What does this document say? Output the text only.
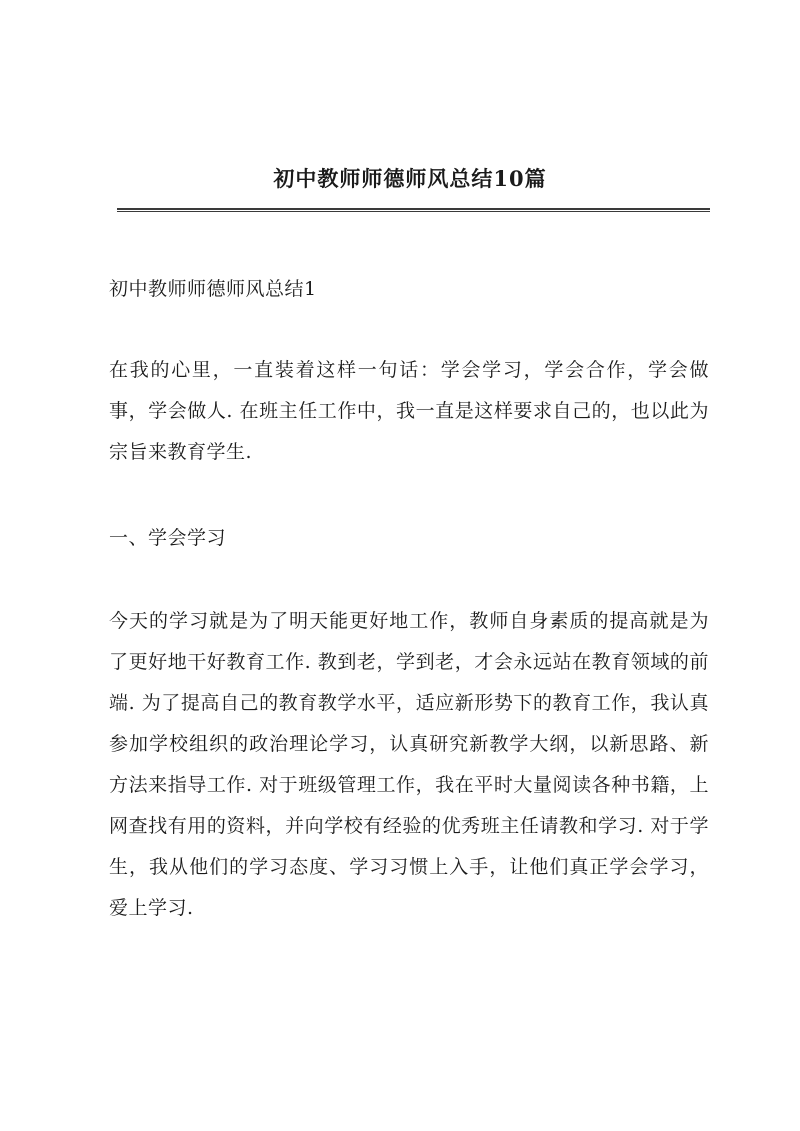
初中教师师德师风总结10篇
初中教师师德师风总结1
在我的心里，一直装着这样一句话：学会学习，学会合作，学会做事，学会做人. 在班主任工作中，我一直是这样要求自己的，也以此为宗旨来教育学生.
一、学会学习
今天的学习就是为了明天能更好地工作，教师自身素质的提高就是为了更好地干好教育工作. 教到老，学到老，才会永远站在教育领域的前端. 为了提高自己的教育教学水平，适应新形势下的教育工作，我认真参加学校组织的政治理论学习，认真研究新教学大纲，以新思路、新方法来指导工作. 对于班级管理工作，我在平时大量阅读各种书籍，上网查找有用的资料，并向学校有经验的优秀班主任请教和学习. 对于学生，我从他们的学习态度、学习习惯上入手，让他们真正学会学习，爱上学习.
